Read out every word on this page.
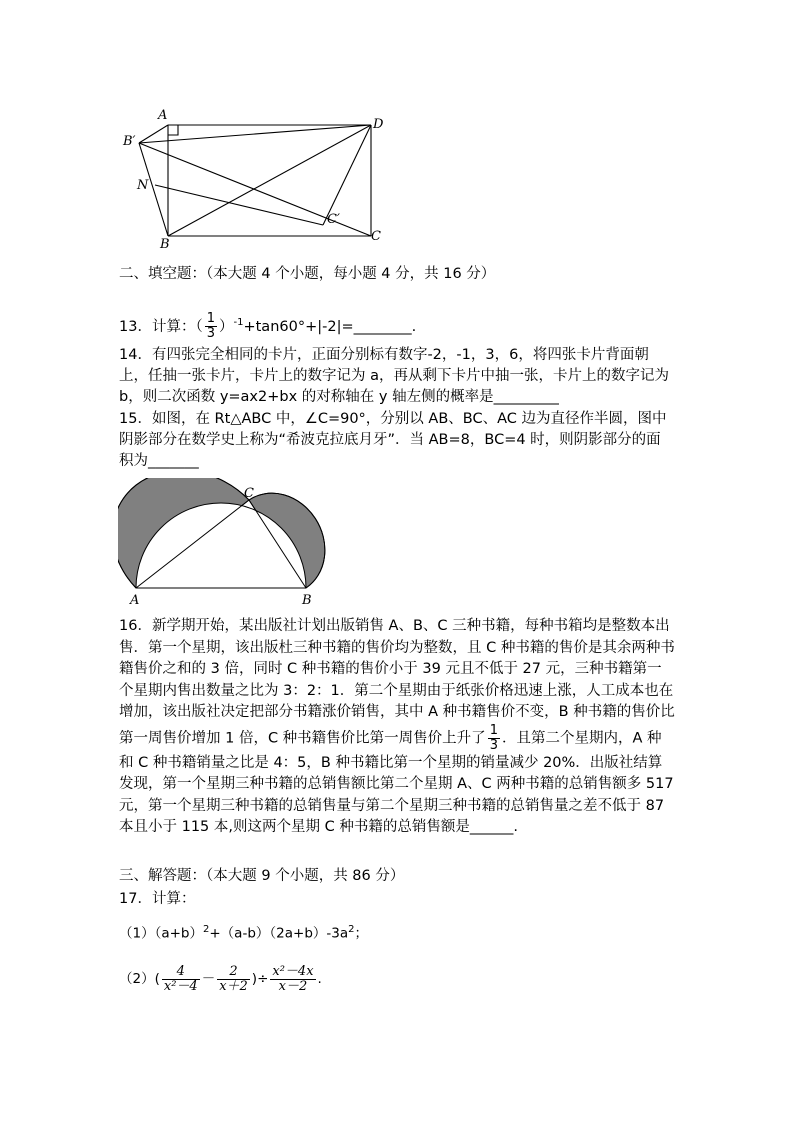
A
B′
D
N
C′
B
C
二、填空题：（本大题 4 个小题，每小题 4 分，共 16 分）
13．计算：（ $\frac{1}{3}$ ）$^{-1}$+tan60°+|-2|=________.
14．有四张完全相同的卡片，正面分别标有数字-2，-1，3，6，将四张卡片背面朝上，任抽一张卡片，卡片上的数字记为 a，再从剩下卡片中抽一张，卡片上的数字记为 b，则二次函数 y=ax2+bx 的对称轴在 y 轴左侧的概率是_________
15．如图，在 Rt△ABC 中，∠C=90°，分别以 AB、BC、AC 边为直径作半圆，图中阴影部分在数学史上称为“希波克拉底月牙”．当 AB=8，BC=4 时，则阴影部分的面积为_______
C
A	B
16．新学期开始，某出版社计划出版销售 A、B、C 三种书籍，每种书箱均是整数本出售．第一个星期，该出版杜三种书籍的售价均为整数，且 C 种书籍的售价是其余两种书籍售价之和的 3 倍，同时 C 种书籍的售价小于 39 元且不低于 27 元，三种书籍第一个星期内售出数量之比为 3：2：1．第二个星期由于纸张价格迅速上涨，人工成本也在增加，该出版社决定把部分书籍涨价销售，其中 A 种书籍售价不变，B 种书籍的售价比第一周售价增加 1 倍，C 种书籍售价比第一周售价上升了 $\frac{1}{3}$ ．且第二个星期内，A 种和 C 种书籍销量之比是 4：5，B 种书籍比第一个星期的销量减少 20%．出版社结算发现，第一个星期三种书籍的总销售额比第二个星期 A、C 两种书籍的总销售额多 517 元，第一个星期三种书籍的总销售量与第二个星期三种书籍的总销售量之差不低于 87 本且小于 115 本,则这两个星期 C 种书籍的总销售额是______.
三、解答题：（本大题 9 个小题，共 86 分）
17．计算：
$(1)(a+b)^2+(a-b)(2a+b)-3a^2$；
$(2)( \frac{4}{\text{x²－4}} - \frac{2}{x+2}$ )÷ $\frac{\text{x²－4x}}{x-2}$ .
